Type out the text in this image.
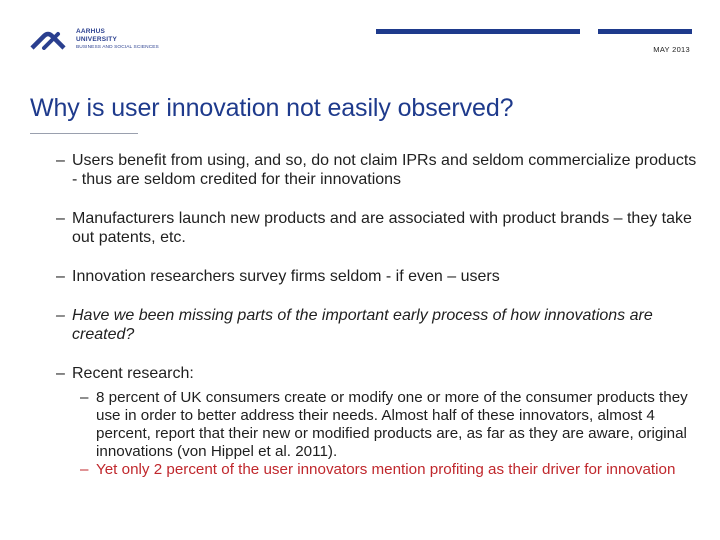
AARHUS
UNIVERSITY
BUSINESS AND SOCIAL SCIENCES	MAY 2013
Why is user innovation not easily observed?
– Users benefit from using, and so, do not claim IPRs and seldom commercialize products - thus are seldom credited for their innovations
– Manufacturers launch new products and are associated with product brands – they take out patents, etc.
– Innovation researchers survey firms seldom - if even – users
– Have we been missing parts of the important early process of how innovations are created?
– Recent research:
– 8 percent of UK consumers create or modify one or more of the consumer products they use in order to better address their needs. Almost half of these innovators, almost 4 percent, report that their new or modified products are, as far as they are aware, original innovations (von Hippel et al. 2011).
– Yet only 2 percent of the user innovators mention profiting as their driver for innovation
